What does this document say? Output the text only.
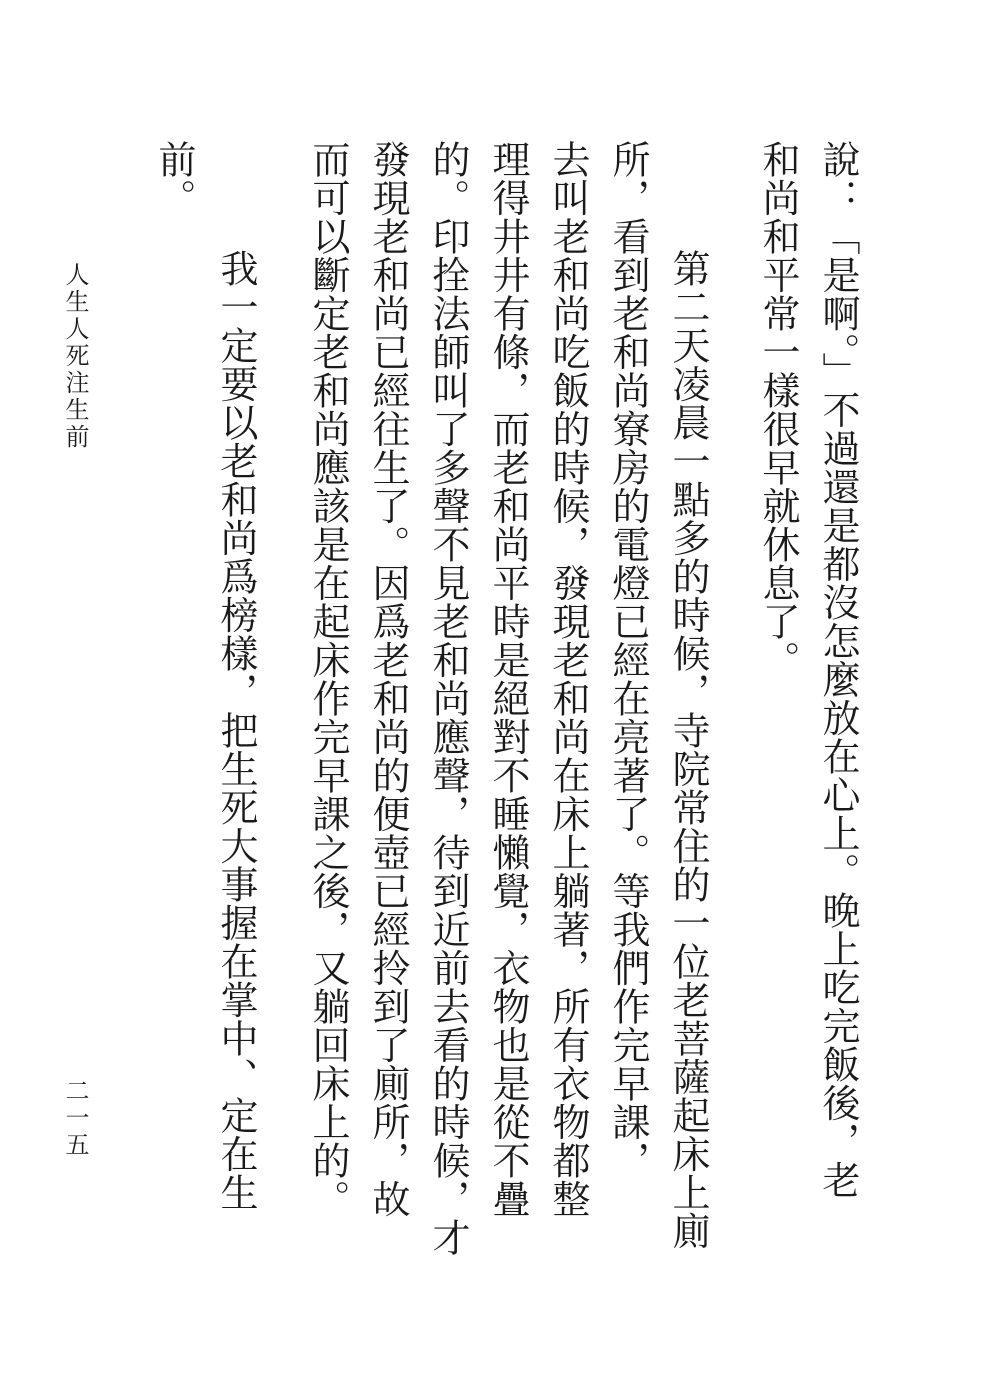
說：「是啊。」不過還是都沒怎麼放在心上。晚上吃完飯後，老
和尚和平常一樣很早就休息了。
　　第二天凌晨一點多的時候，寺院常住的一位老菩薩起床上廁
所，看到老和尚寮房的電燈已經在亮著了。等我們作完早課，
去叫老和尚吃飯的時候，發現老和尚在床上躺著，所有衣物都整
理得井井有條，而老和尚平時是絕對不睡懶覺，衣物也是從不疊
的。印拴法師叫了多聲不見老和尚應聲，待到近前去看的時候，才
發現老和尚已經往生了。因爲老和尚的便壺已經拎到了廁所，故
而可以斷定老和尚應該是在起床作完早課之後，又躺回床上的。
　　我一定要以老和尚爲榜樣，把生死大事握在掌中、定在生
前。
人生人死注生前
二一五
